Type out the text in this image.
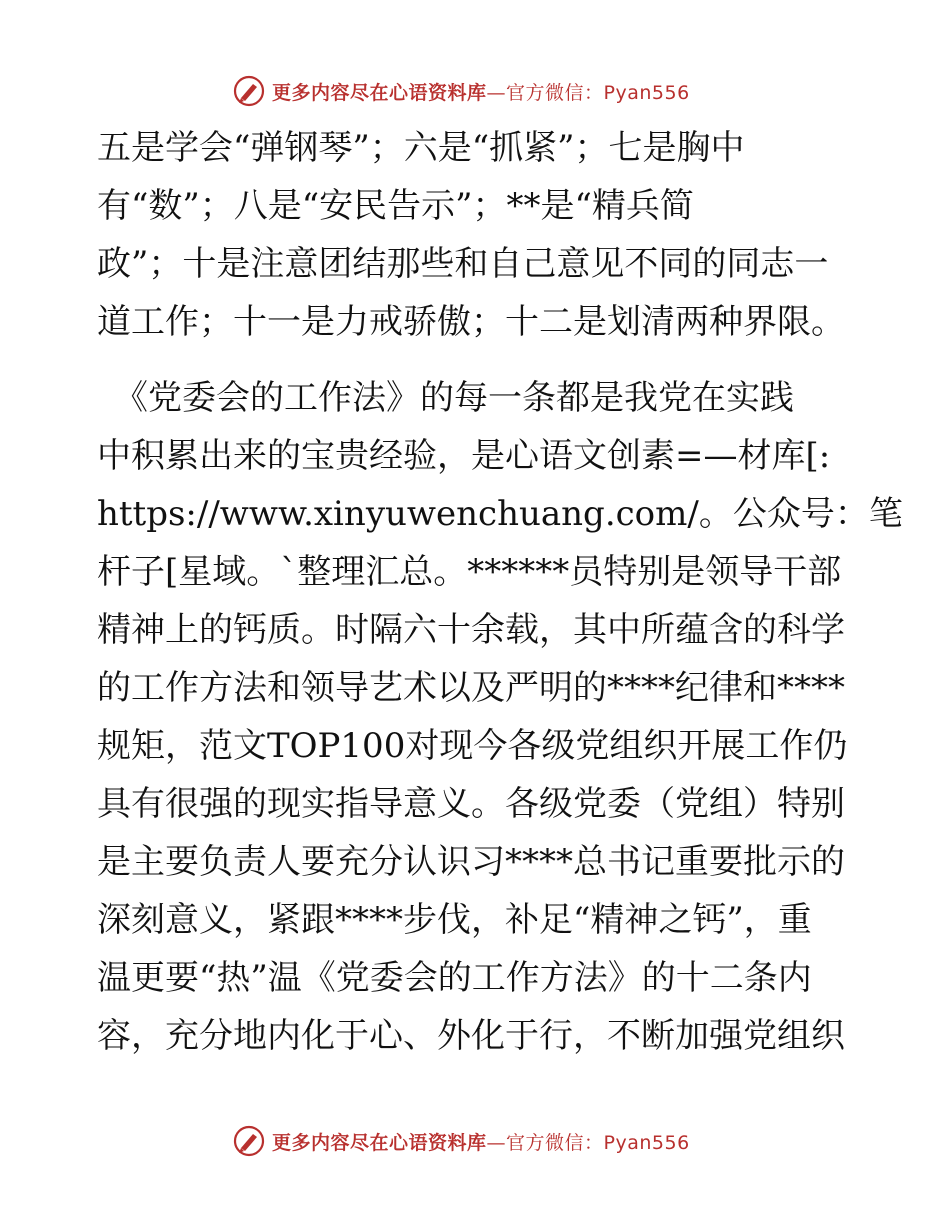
更多内容尽在心语资料库—官方微信：Pyan556
五是学会“弹钢琴”；六是“抓紧”；七是胸中
有“数”；八是“安民告示”；**是“精兵简
政”；十是注意团结那些和自己意见不同的同志一
道工作；十一是力戒骄傲；十二是划清两种界限。
　《党委会的工作法》的每一条都是我党在实践
中积累出来的宝贵经验，是心语文创素=—材库[:
https://www.xinyuwenchuang.com/。公众号：笔
杆子[星域。`整理汇总。******员特别是领导干部
精神上的钙质。时隔六十余载，其中所蕴含的科学
的工作方法和领导艺术以及严明的****纪律和****
规矩，范文TOP100对现今各级党组织开展工作仍
具有很强的现实指导意义。各级党委（党组）特别
是主要负责人要充分认识习****总书记重要批示的
深刻意义，紧跟****步伐，补足“精神之钙”，重
温更要“热”温《党委会的工作方法》的十二条内
容，充分地内化于心、外化于行，不断加强党组织
更多内容尽在心语资料库—官方微信：Pyan556
